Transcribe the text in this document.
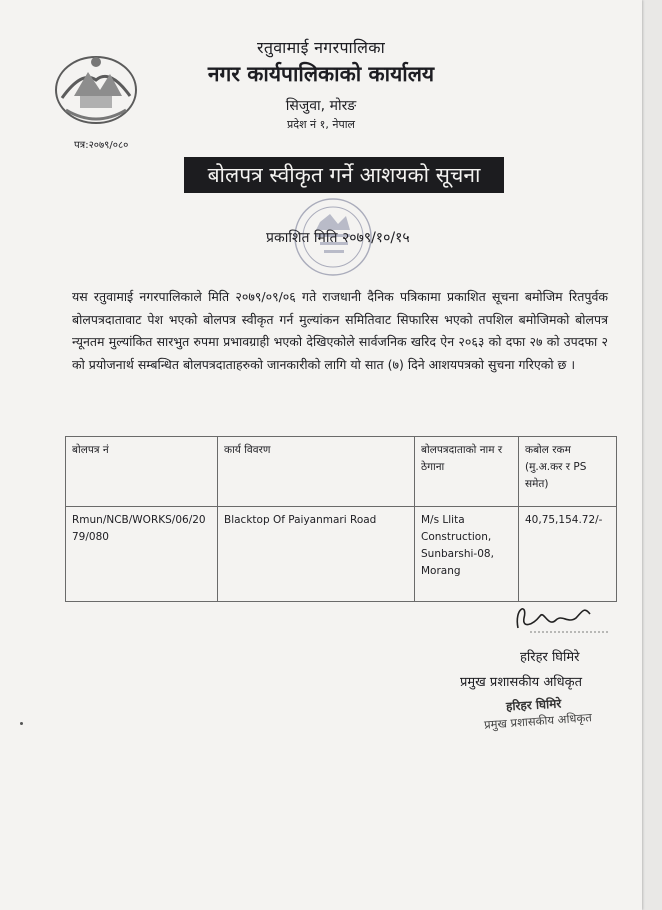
रतुवामाई नगरपालिका
नगर कार्यपालिकाको कार्यालय
सिजुवा, मोरङ
प्रदेश नं १, नेपाल
पत्र:२०७९/०८०
बोलपत्र स्वीकृत गर्ने आशयको सूचना
प्रकाशित मिति २०७९/१०/१५
यस रतुवामाई नगरपालिकाले मिति २०७९/०९/०६ गते राजधानी दैनिक पत्रिकामा प्रकाशित सूचना बमोजिम रितपुर्वक बोलपत्रदातावाट पेश भएको बोलपत्र स्वीकृत गर्न मुल्यांकन समितिवाट सिफारिस भएको तपशिल बमोजिमको बोलपत्र न्यूनतम मुल्यांकित सारभुत रुपमा प्रभावग्राही भएको देखिएकोले सार्वजनिक खरिद ऐन २०६३ को दफा २७ को उपदफा २ को प्रयोजनार्थ सम्बन्धित बोलपत्रदाताहरुको जानकारीको लागि यो सात (७) दिने आशयपत्रको सुचना गरिएको छ ।
बोलपत्र नं	कार्य विवरण	बोलपत्रदाताको नाम र ठेगाना	कबोल रकम (मु.अ.कर र PS समेत)
Rmun/NCB/WORKS/06/2079/080	Blacktop Of Paiyanmari Road	M/s Llita Construction, Sunbarshi-08, Morang	40,75,154.72/-
हरिहर घिमिरे
प्रमुख प्रशासकीय अधिकृत
हरिहर घिमिरे
प्रमुख प्रशासकीय अधिकृत
